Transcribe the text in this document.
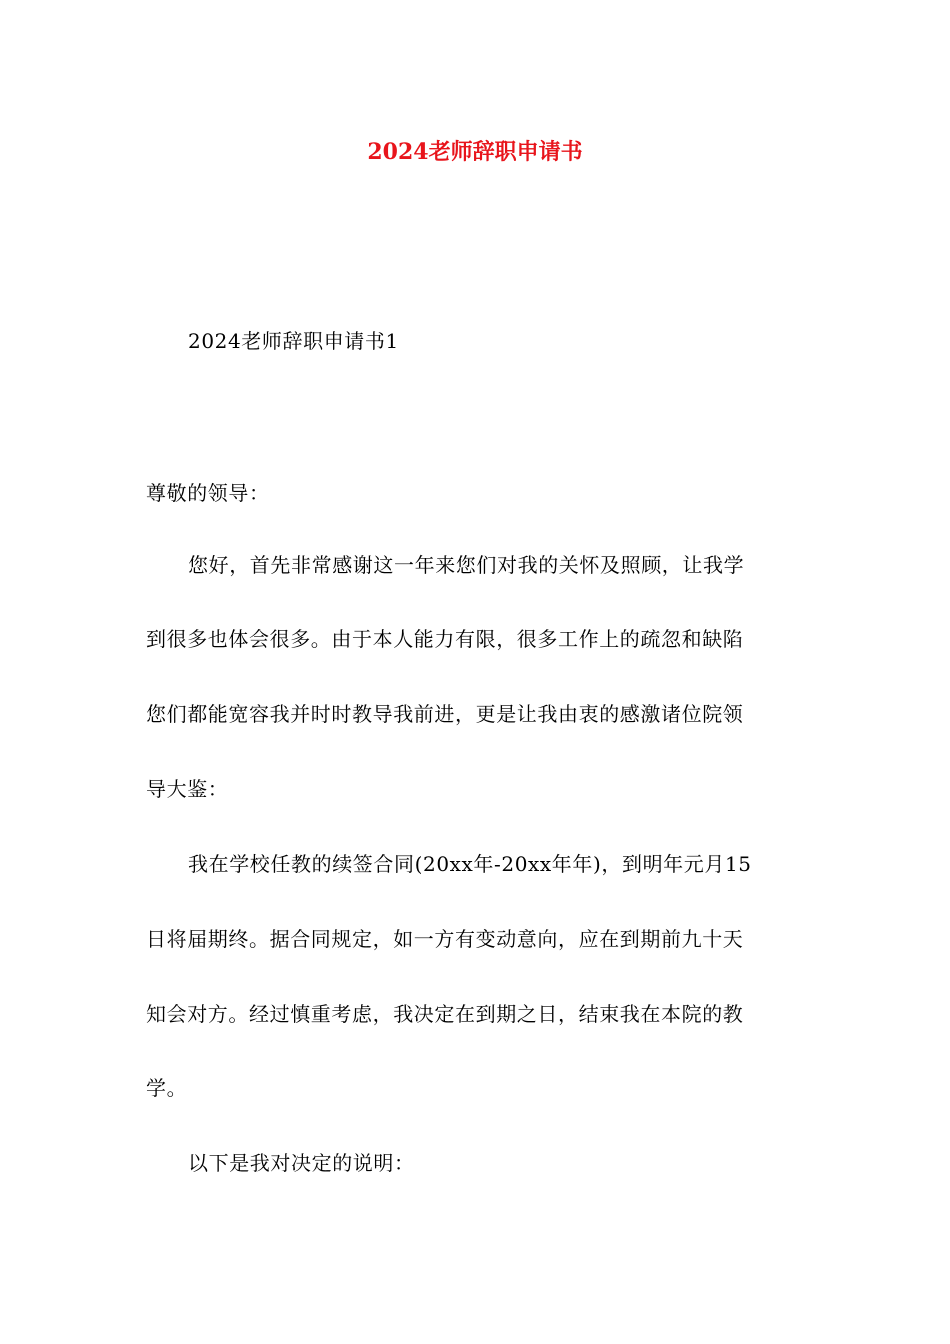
2024老师辞职申请书

2024老师辞职申请书1

尊敬的领导：

您好，首先非常感谢这一年来您们对我的关怀及照顾，让我学

到很多也体会很多。由于本人能力有限，很多工作上的疏忽和缺陷

您们都能宽容我并时时教导我前进，更是让我由衷的感激诸位院领

导大鉴：

我在学校任教的续签合同(20xx年-20xx年年)，到明年元月15

日将届期终。据合同规定，如一方有变动意向，应在到期前九十天

知会对方。经过慎重考虑，我决定在到期之日，结束我在本院的教

学。

以下是我对决定的说明：
